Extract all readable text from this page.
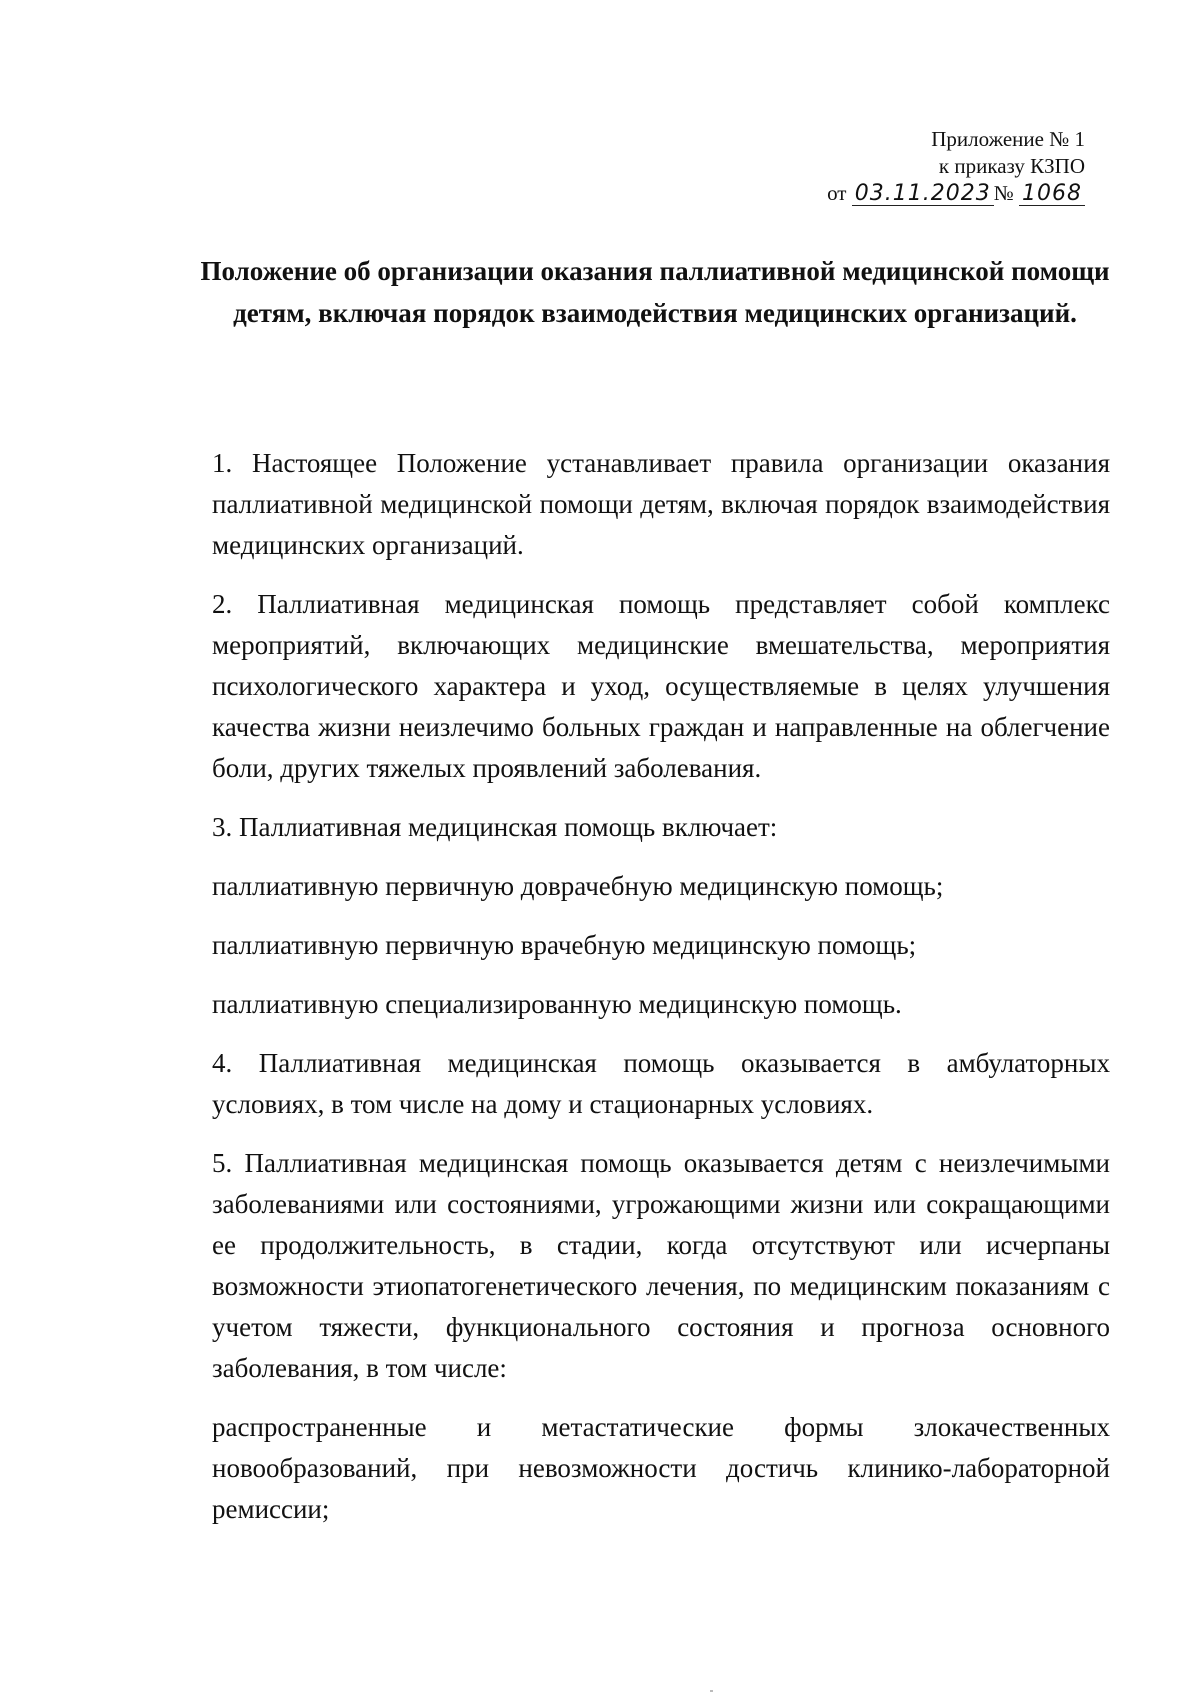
Приложение № 1
к приказу КЗПО
от 03.11.2023 № 1068
Положение об организации оказания паллиативной медицинской помощи детям, включая порядок взаимодействия медицинских организаций.

1. Настоящее Положение устанавливает правила организации оказания паллиативной медицинской помощи детям, включая порядок взаимодействия медицинских организаций.

2. Паллиативная медицинская помощь представляет собой комплекс мероприятий, включающих медицинские вмешательства, мероприятия психологического характера и уход, осуществляемые в целях улучшения качества жизни неизлечимо больных граждан и направленные на облегчение боли, других тяжелых проявлений заболевания.

3. Паллиативная медицинская помощь включает:

паллиативную первичную доврачебную медицинскую помощь;

паллиативную первичную врачебную медицинскую помощь;

паллиативную специализированную медицинскую помощь.

4. Паллиативная медицинская помощь оказывается в амбулаторных условиях, в том числе на дому и стационарных условиях.

5. Паллиативная медицинская помощь оказывается детям с неизлечимыми заболеваниями или состояниями, угрожающими жизни или сокращающими ее продолжительность, в стадии, когда отсутствуют или исчерпаны возможности этиопатогенетического лечения, по медицинским показаниям с учетом тяжести, функционального состояния и прогноза основного заболевания, в том числе:

распространенные и метастатические формы злокачественных новообразований, при невозможности достичь клинико-лабораторной ремиссии;
